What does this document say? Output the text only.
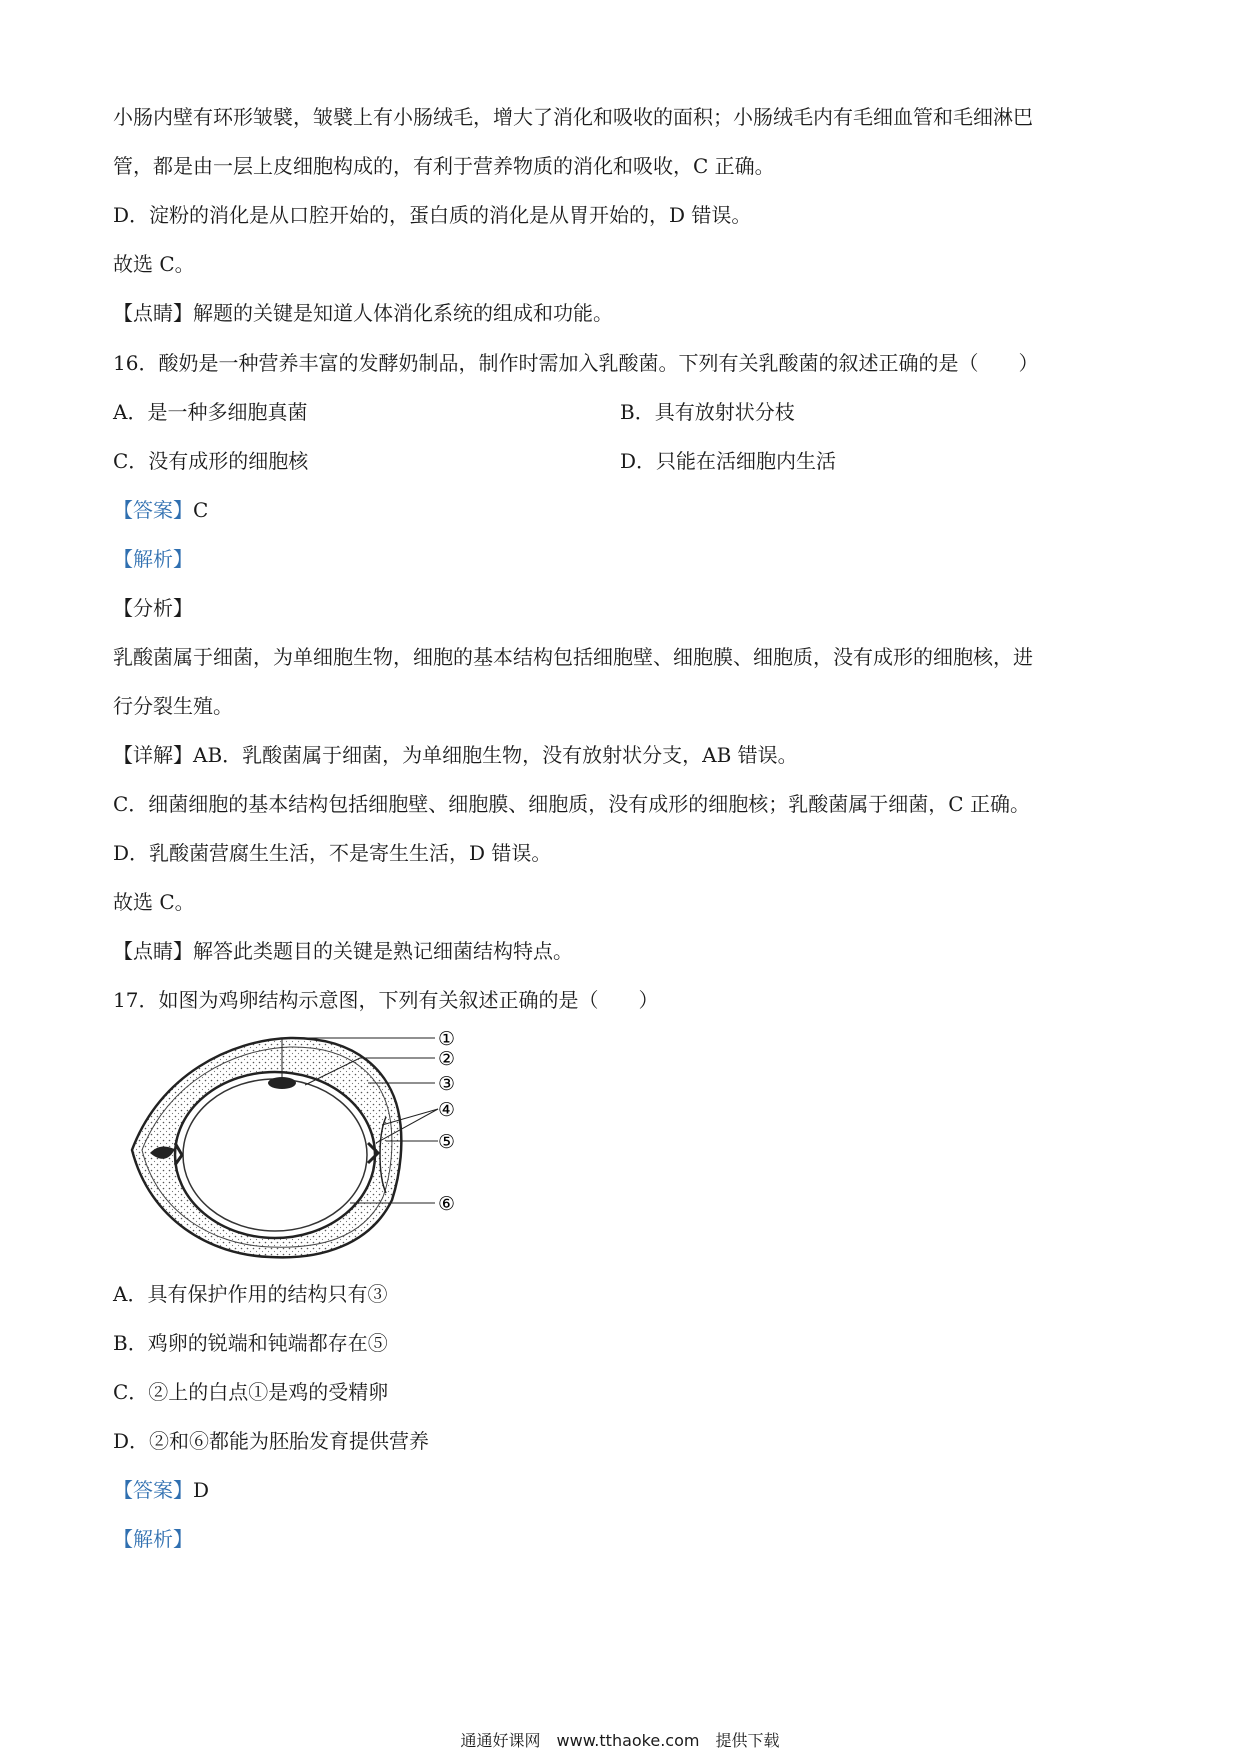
小肠内壁有环形皱襞，皱襞上有小肠绒毛，增大了消化和吸收的面积；小肠绒毛内有毛细血管和毛细淋巴
管，都是由一层上皮细胞构成的，有利于营养物质的消化和吸收，C 正确。
D．淀粉的消化是从口腔开始的，蛋白质的消化是从胃开始的，D 错误。
故选 C。
【点睛】解题的关键是知道人体消化系统的组成和功能。
16．酸奶是一种营养丰富的发酵奶制品，制作时需加入乳酸菌。下列有关乳酸菌的叙述正确的是（　　）
A．是一种多细胞真菌	B．具有放射状分枝
C．没有成形的细胞核	D．只能在活细胞内生活
【答案】C
【解析】
【分析】
乳酸菌属于细菌，为单细胞生物，细胞的基本结构包括细胞壁、细胞膜、细胞质，没有成形的细胞核，进
行分裂生殖。
【详解】AB．乳酸菌属于细菌，为单细胞生物，没有放射状分支，AB 错误。
C．细菌细胞的基本结构包括细胞壁、细胞膜、细胞质，没有成形的细胞核；乳酸菌属于细菌，C 正确。
D．乳酸菌营腐生生活，不是寄生生活，D 错误。
故选 C。
【点睛】解答此类题目的关键是熟记细菌结构特点。
17．如图为鸡卵结构示意图，下列有关叙述正确的是（　　）
①
②
③
④
⑤
⑥
A．具有保护作用的结构只有③
B．鸡卵的锐端和钝端都存在⑤
C．②上的白点①是鸡的受精卵
D．②和⑥都能为胚胎发育提供营养
【答案】D
【解析】
通通好课网　www.tthaoke.com　提供下载
